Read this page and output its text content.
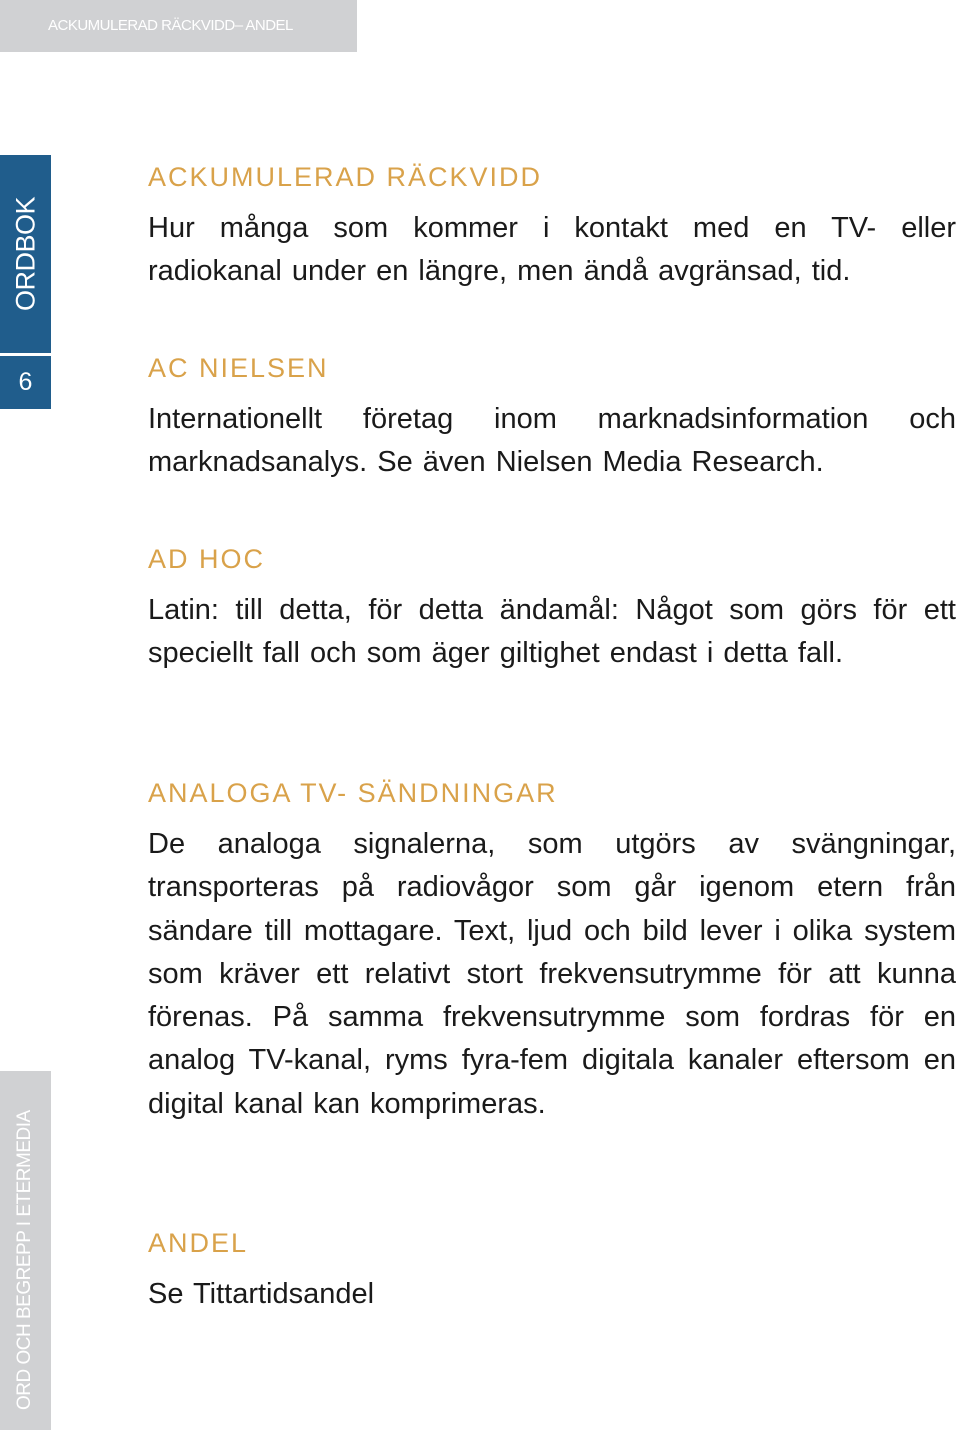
ACKUMULERAD RÄCKVIDD– ANDEL
ORDBOK
6
ORD OCH BEGREPP I ETERMEDIA
ACKUMULERAD RÄCKVIDD

Hur många som kommer i kontakt med en TV- eller radiokanal under en längre, men ändå avgränsad, tid.

AC NIELSEN

Internationellt företag inom marknadsinformation och marknadsanalys. Se även Nielsen Media Research.

AD HOC

Latin: till detta, för detta ändamål: Något som görs för ett speciellt fall och som äger giltighet endast i detta fall.

ANALOGA TV- SÄNDNINGAR

De analoga signalerna, som utgörs av svängningar, transporteras på radiovågor som går igenom etern från sändare till mottagare. Text, ljud och bild lever i olika system som kräver ett relativt stort frekvensutrymme för att kunna förenas. På samma frekvensutrymme som fordras för en analog TV-kanal, ryms fyra-fem digitala kanaler eftersom en digital kanal kan komprimeras.

ANDEL

Se Tittartidsandel
